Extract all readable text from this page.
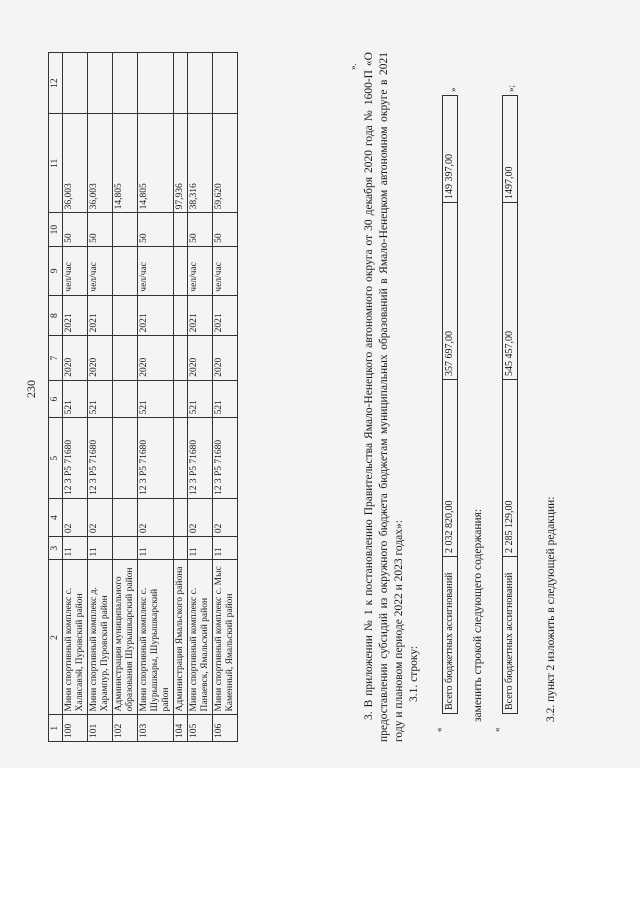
230
1	2	3	4	5	6	7	8	9	10	11	12
100	Мини спортивный комплекс с. Халясавэй, Пуровский район	11	02	12 3 P5 71680	521	2020	2021	чел/час	50	36,003	
101	Мини спортивный комплекс д. Харампур, Пуровский район	11	02	12 3 P5 71680	521	2020	2021	чел/час	50	36,003	
102	Администрация муниципального образования Шурышкарский район									14,805	
103	Мини спортивный комплекс с. Шурышкары, Шурышкарский район	11	02	12 3 P5 71680	521	2020	2021	чел/час	50	14,805	
104	Администрация Ямальского района									97,936	
105	Мини спортивный комплекс с. Панаевск, Ямальский район	11	02	12 3 P5 71680	521	2020	2021	чел/час	50	38,316	
106	Мини спортивный комплекс с. Мыс Каменный, Ямальский район	11	02	12 3 P5 71680	521	2020	2021	чел/час	50	59,620	
». 3. В приложении № 1 к постановлению Правительства Ямало-Ненецкого автономного округа от 30 декабря 2020 года № 1600-П «О предоставлении субсидий из окружного бюджета бюджетам муниципальных образований в Ямало-Ненецком автономном округе в 2021 году и плановом периоде 2022 и 2023 годах»: 3.1. строку:

«
Всего бюджетных ассигнований	2 032 820,00	357 697,00	149 397,00
»
заменить строкой следующего содержания:
«
Всего бюджетных ассигнований	2 285 129,00	545 457,00	1497,00
»;
3.2. пункт 2 изложить в следующей редакции:
